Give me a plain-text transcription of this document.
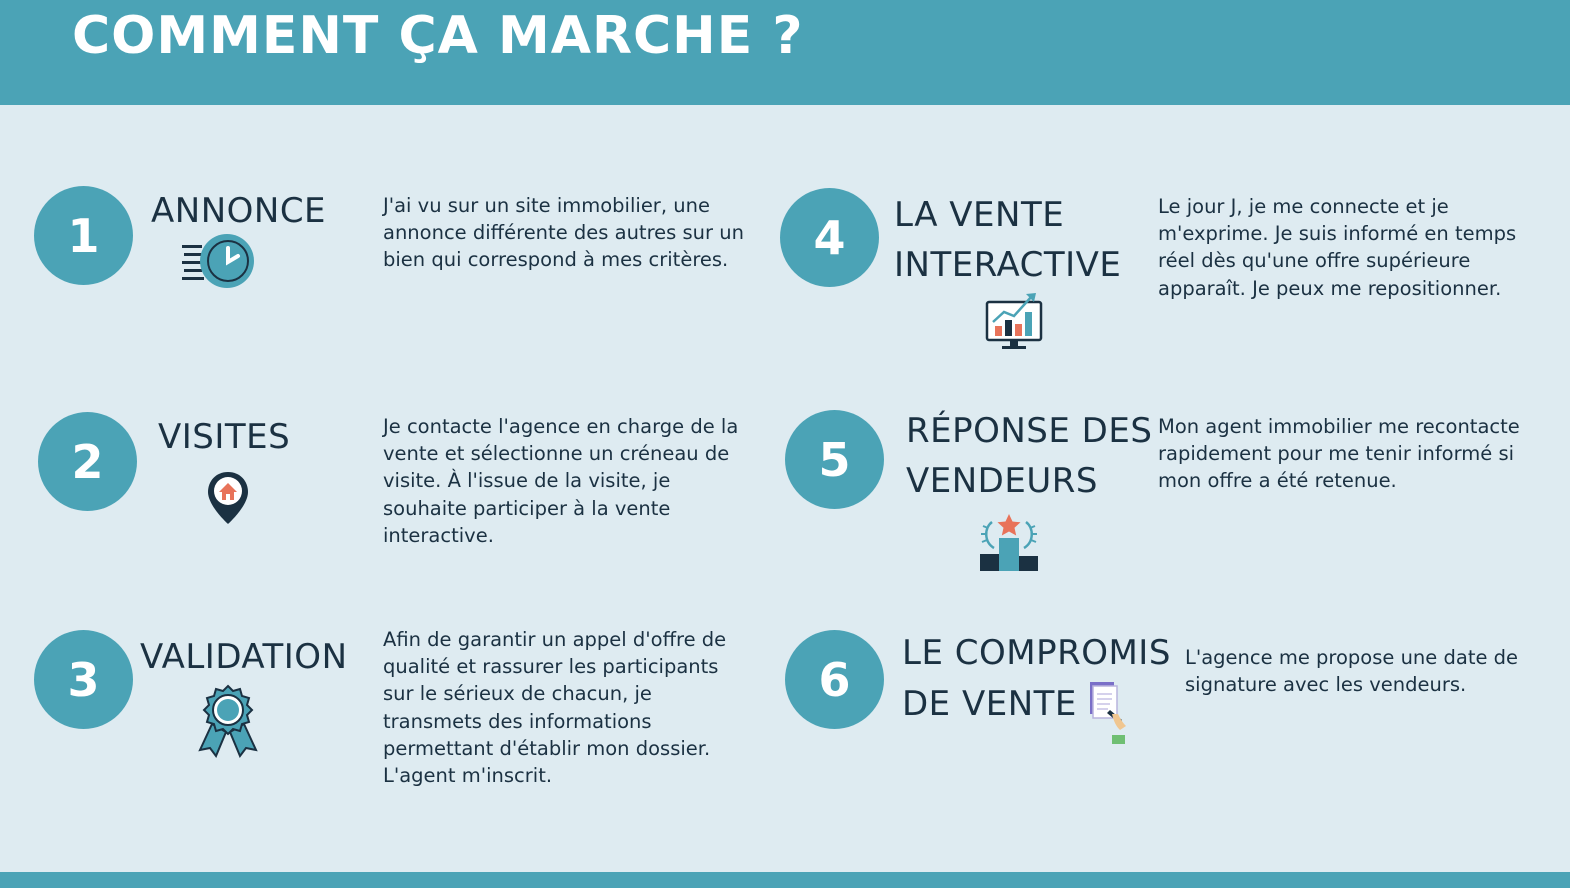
COMMENT ÇA MARCHE ?
1	ANNONCE	J'ai vu sur un site immobilier, une annonce différente des autres sur un bien qui correspond à mes critères.
2	VISITES	Je contacte l'agence en charge de la vente et sélectionne un créneau de visite. À l'issue de la visite, je souhaite participer à la vente interactive.
3	VALIDATION Afin de garantir un appel d'offre de qualité et rassurer les participants sur le sérieux de chacun, je transmets des informations permettant d'établir mon dossier. L'agent m'inscrit.
4	LA VENTE
INTERACTIVE
Le jour J, je me connecte et je m'exprime. Je suis informé en temps réel dès qu'une offre supérieure apparaît. Je peux me repositionner.
5
RÉPONSE DES
VENDEURS
Mon agent immobilier me recontacte rapidement pour me tenir informé si mon offre a été retenue.
6	LE COMPROMIS
DE VENTE
L'agence me propose une date de signature avec les vendeurs.
